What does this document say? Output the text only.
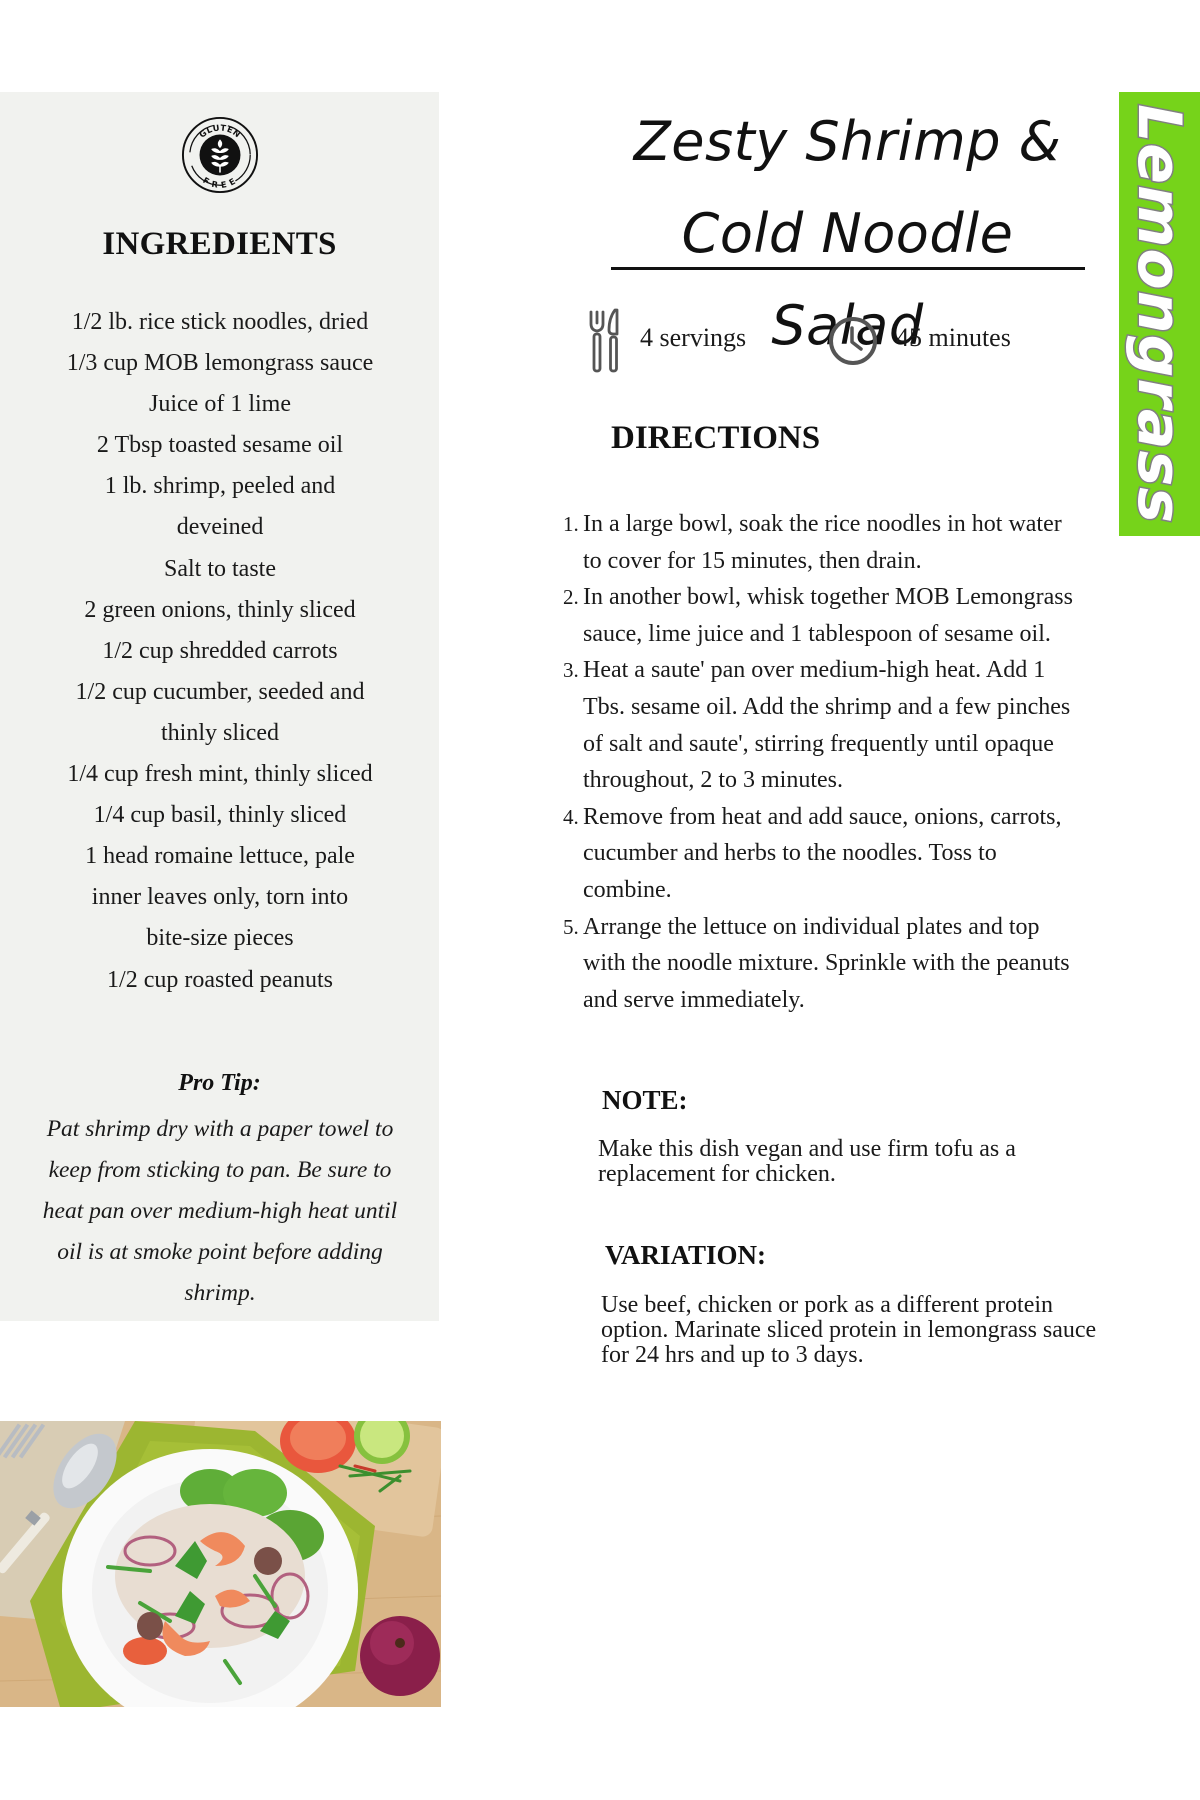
GLUTEN
FREE
INGREDIENTS
1/2 lb. rice stick noodles, dried
1/3 cup MOB lemongrass sauce
Juice of 1 lime
2 Tbsp toasted sesame oil
1 lb. shrimp, peeled and
deveined
Salt to taste
2 green onions, thinly sliced
1/2 cup shredded carrots
1/2 cup cucumber, seeded and
thinly sliced
1/4 cup fresh mint, thinly sliced
1/4 cup basil, thinly sliced
1 head romaine lettuce, pale
inner leaves only, torn into
bite-size pieces
1/2 cup roasted peanuts
Pro Tip:
Pat shrimp dry with a paper towel to keep from sticking to pan. Be sure to heat pan over medium-high heat until oil is at smoke point before adding shrimp.
Zesty Shrimp &
Cold Noodle Salad
4 servings	45 minutes
DIRECTIONS
1. In a large bowl, soak the rice noodles in hot water to cover for 15 minutes, then drain.
2. In another bowl, whisk together MOB Lemongrass sauce, lime juice and 1 tablespoon of sesame oil.
3. Heat a saute' pan over medium-high heat. Add 1 Tbs. sesame oil. Add the shrimp and a few pinches of salt and saute', stirring frequently until opaque throughout, 2 to 3 minutes.
4. Remove from heat and add sauce, onions, carrots, cucumber and herbs to the noodles. Toss to combine.
5. Arrange the lettuce on individual plates and top with the noodle mixture. Sprinkle with the peanuts and serve immediately.
NOTE:
Make this dish vegan and use firm tofu as a replacement for chicken.
VARIATION:
Use beef, chicken or pork as a different protein option. Marinate sliced protein in lemongrass sauce for 24 hrs and up to 3 days.
Lemongrass
